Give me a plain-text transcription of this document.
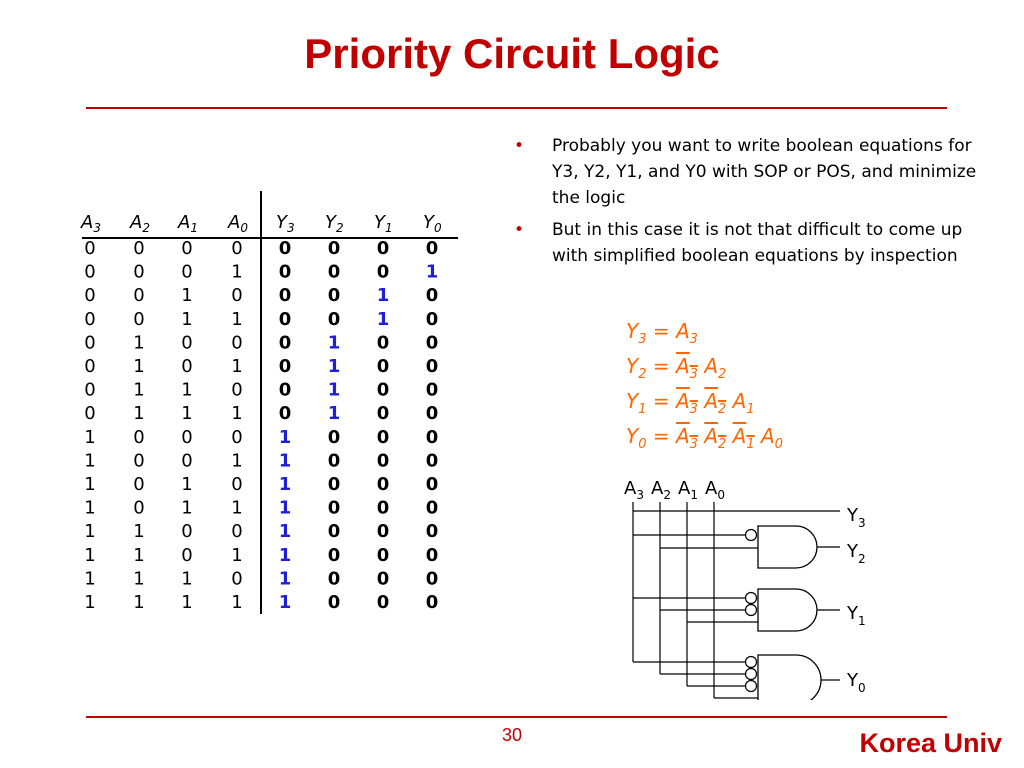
Priority Circuit Logic
$A_3$ $A_2$ $A_1$ $A_0$ $Y_3$ $Y_2$ $Y_1$ $Y_0$
0 0 0 0 0 0 0 0
0 0 0 1 0 0 0 1
0 0 1 0 0 0 1 0
0 0 1 1 0 0 1 0
0 1 0 0 0 1 0 0
0 1 0 1 0 1 0 0
0 1 1 0 0 1 0 0
0 1 1 1 0 1 0 0
1 0 0 0 1 0 0 0
1 0 0 1 1 0 0 0
1 0 1 0 1 0 0 0
1 0 1 1 1 0 0 0
1 1 0 0 1 0 0 0
1 1 0 1 1 0 0 0
1 1 1 0 1 0 0 0
1 1 1 1 1 0 0 0
• Probably you want to write boolean equations for Y3, Y2, Y1, and Y0 with SOP or POS, and minimize the logic
• But in this case it is not that difficult to come up with simplified boolean equations by inspection
$Y_3 = A_3$
$Y_2 = A_3$ $A_2$
$Y_1 = A_3$ $A_2$ $A_1$
$Y_0 = A_3$ $A_2$ $A_1$ $A_0$
$A_3$ $A_2$ $A_1$ $A_0$
$Y_3$
$Y_2$
$Y_1$
$Y_0$
30	Korea Univ
